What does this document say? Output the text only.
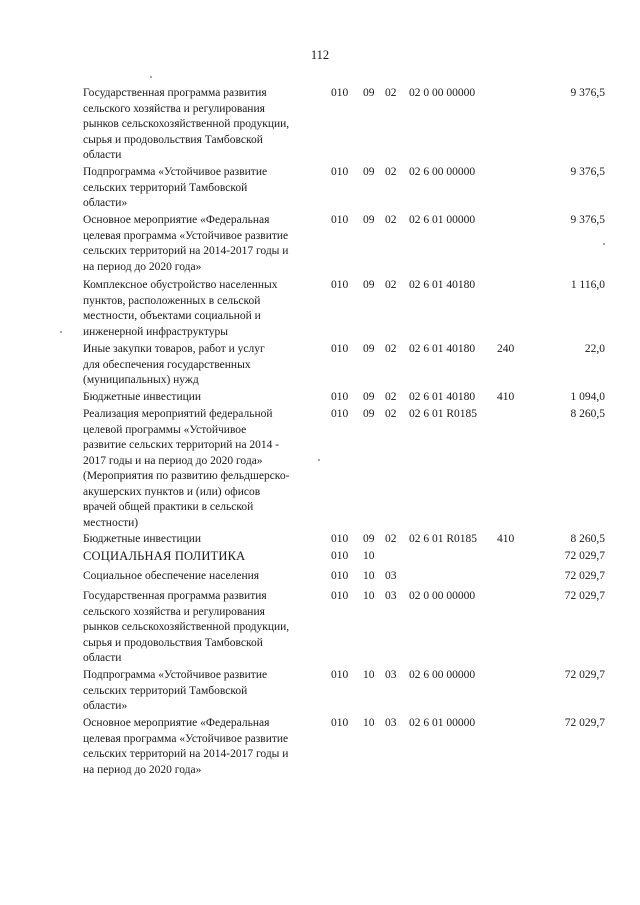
112
Государственная программа развития
сельского хозяйства и регулирования
рынков сельскохозяйственной продукции,
сырья и продовольствия Тамбовской
области
010 09 02 02 0 00 00000	9 376,5
Подпрограмма «Устойчивое развитие
сельских территорий Тамбовской
области»
010 09 02 02 6 00 00000	9 376,5
Основное мероприятие «Федеральная
целевая программа «Устойчивое развитие
сельских территорий на 2014-2017 годы и
на период до 2020 года»
010 09 02 02 6 01 00000	9 376,5
Комплексное обустройство населенных
пунктов, расположенных в сельской
местности, объектами социальной и
инженерной инфраструктуры
010 09 02 02 6 01 40180	1 116,0
Иные закупки товаров, работ и услуг
для обеспечения государственных
(муниципальных) нужд
010 09 02 02 6 01 40180 240	22,0
Бюджетные инвестиции	010 09 02 02 6 01 40180 410	1 094,0
Реализация мероприятий федеральной
целевой программы «Устойчивое
развитие сельских территорий на 2014 -
2017 годы и на период до 2020 года»
(Мероприятия по развитию фельдшерско-
акушерских пунктов и (или) офисов
врачей общей практики в сельской
местности)
010 09 02 02 6 01 R0185	8 260,5
Бюджетные инвестиции	010 09 02 02 6 01 R0185 410	8 260,5
СОЦИАЛЬНАЯ ПОЛИТИКА	010 10	72 029,7
Социальное обеспечение населения	010 10 03	72 029,7
Государственная программа развития
сельского хозяйства и регулирования
рынков сельскохозяйственной продукции,
сырья и продовольствия Тамбовской
области
010 10 03 02 0 00 00000	72 029,7
Подпрограмма «Устойчивое развитие
сельских территорий Тамбовской
области»
010 10 03 02 6 00 00000	72 029,7
Основное мероприятие «Федеральная
целевая программа «Устойчивое развитие
сельских территорий на 2014-2017 годы и
на период до 2020 года»
010 10 03 02 6 01 00000	72 029,7
